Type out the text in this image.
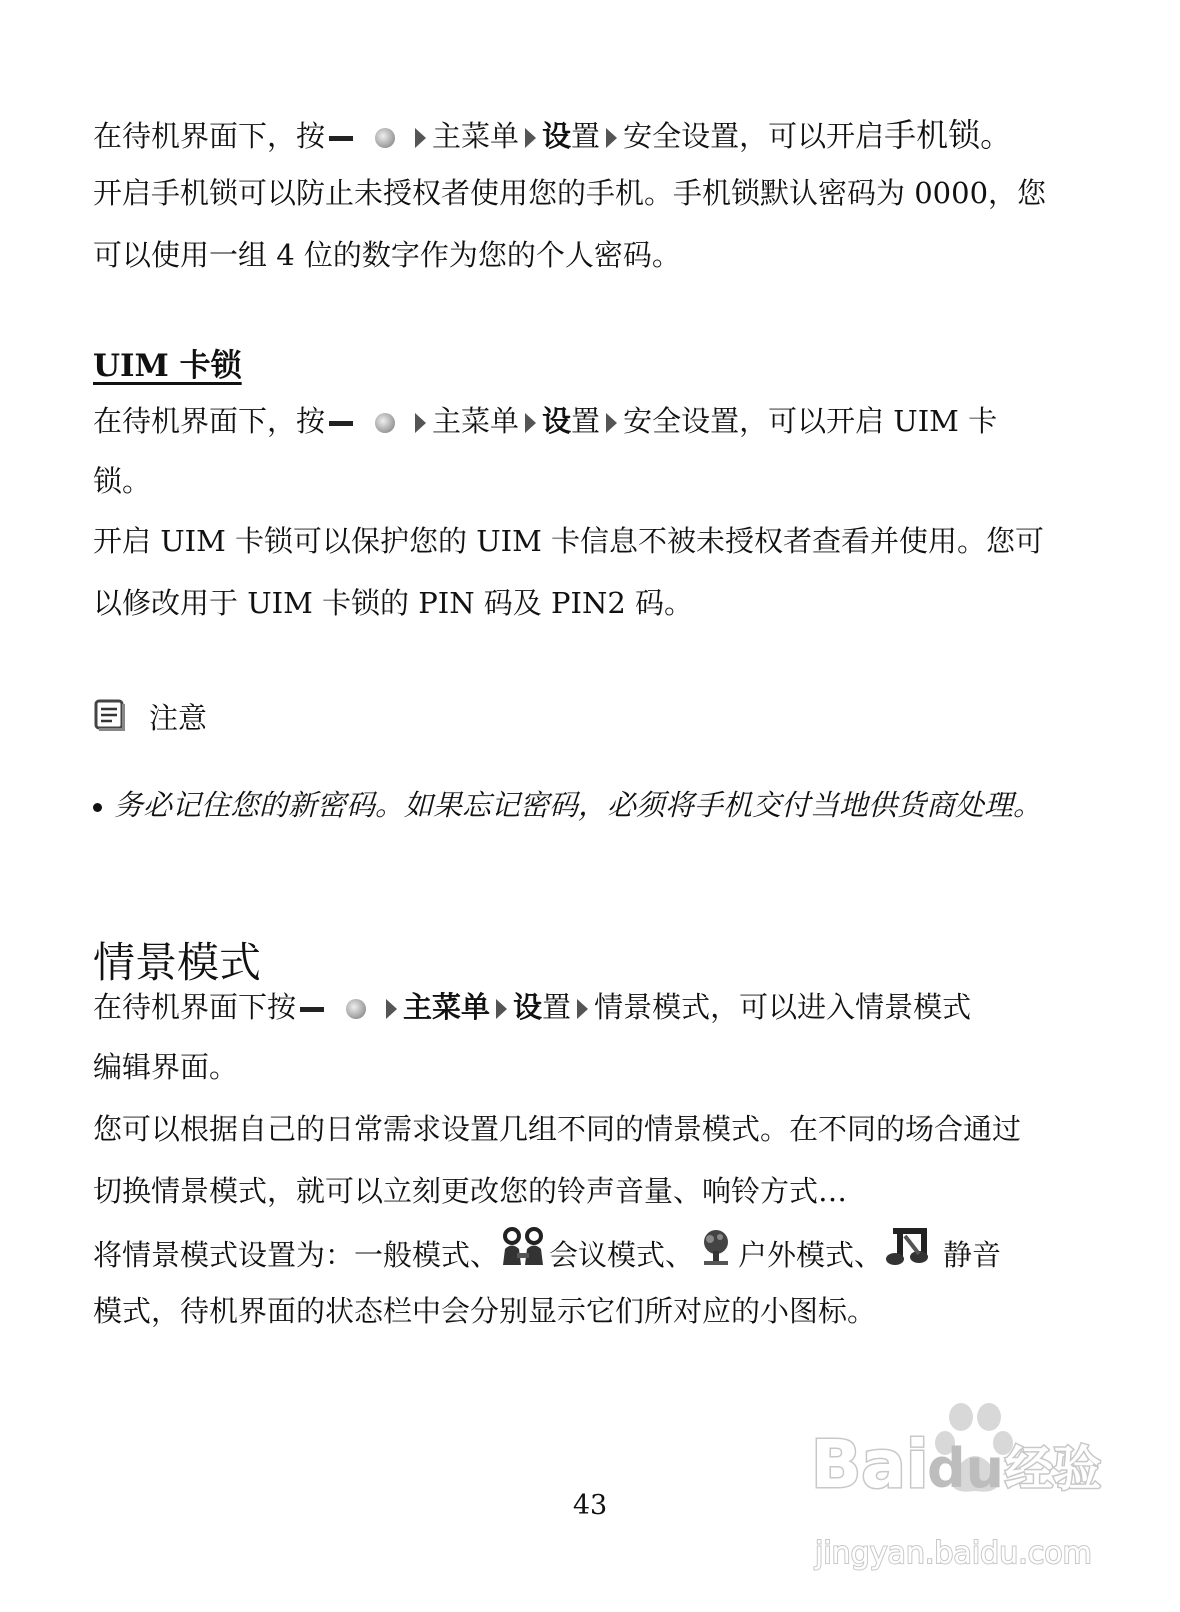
在待机界面下，按	主菜单 设置 安全设置，可以开启手机锁。
开启手机锁可以防止未授权者使用您的手机。手机锁默认密码为 0000，您
可以使用一组 4 位的数字作为您的个人密码。
UIM 卡锁
在待机界面下，按	主菜单 设置 安全设置，可以开启 UIM 卡
锁。
开启 UIM 卡锁可以保护您的 UIM 卡信息不被未授权者查看并使用。您可
以修改用于 UIM 卡锁的 PIN 码及 PIN2 码。
注意
务必记住您的新密码。如果忘记密码，必须将手机交付当地供货商处理。
情景模式
在待机界面下按	主菜单 设置 情景模式，可以进入情景模式
编辑界面。
您可以根据自己的日常需求设置几组不同的情景模式。在不同的场合通过
切换情景模式，就可以立刻更改您的铃声音量、响铃方式…
将情景模式设置为：一般模式、 会议模式、 户外模式、 静音
模式，待机界面的状态栏中会分别显示它们所对应的小图标。
43
Bai
du 经验
jingyan.baidu.com
